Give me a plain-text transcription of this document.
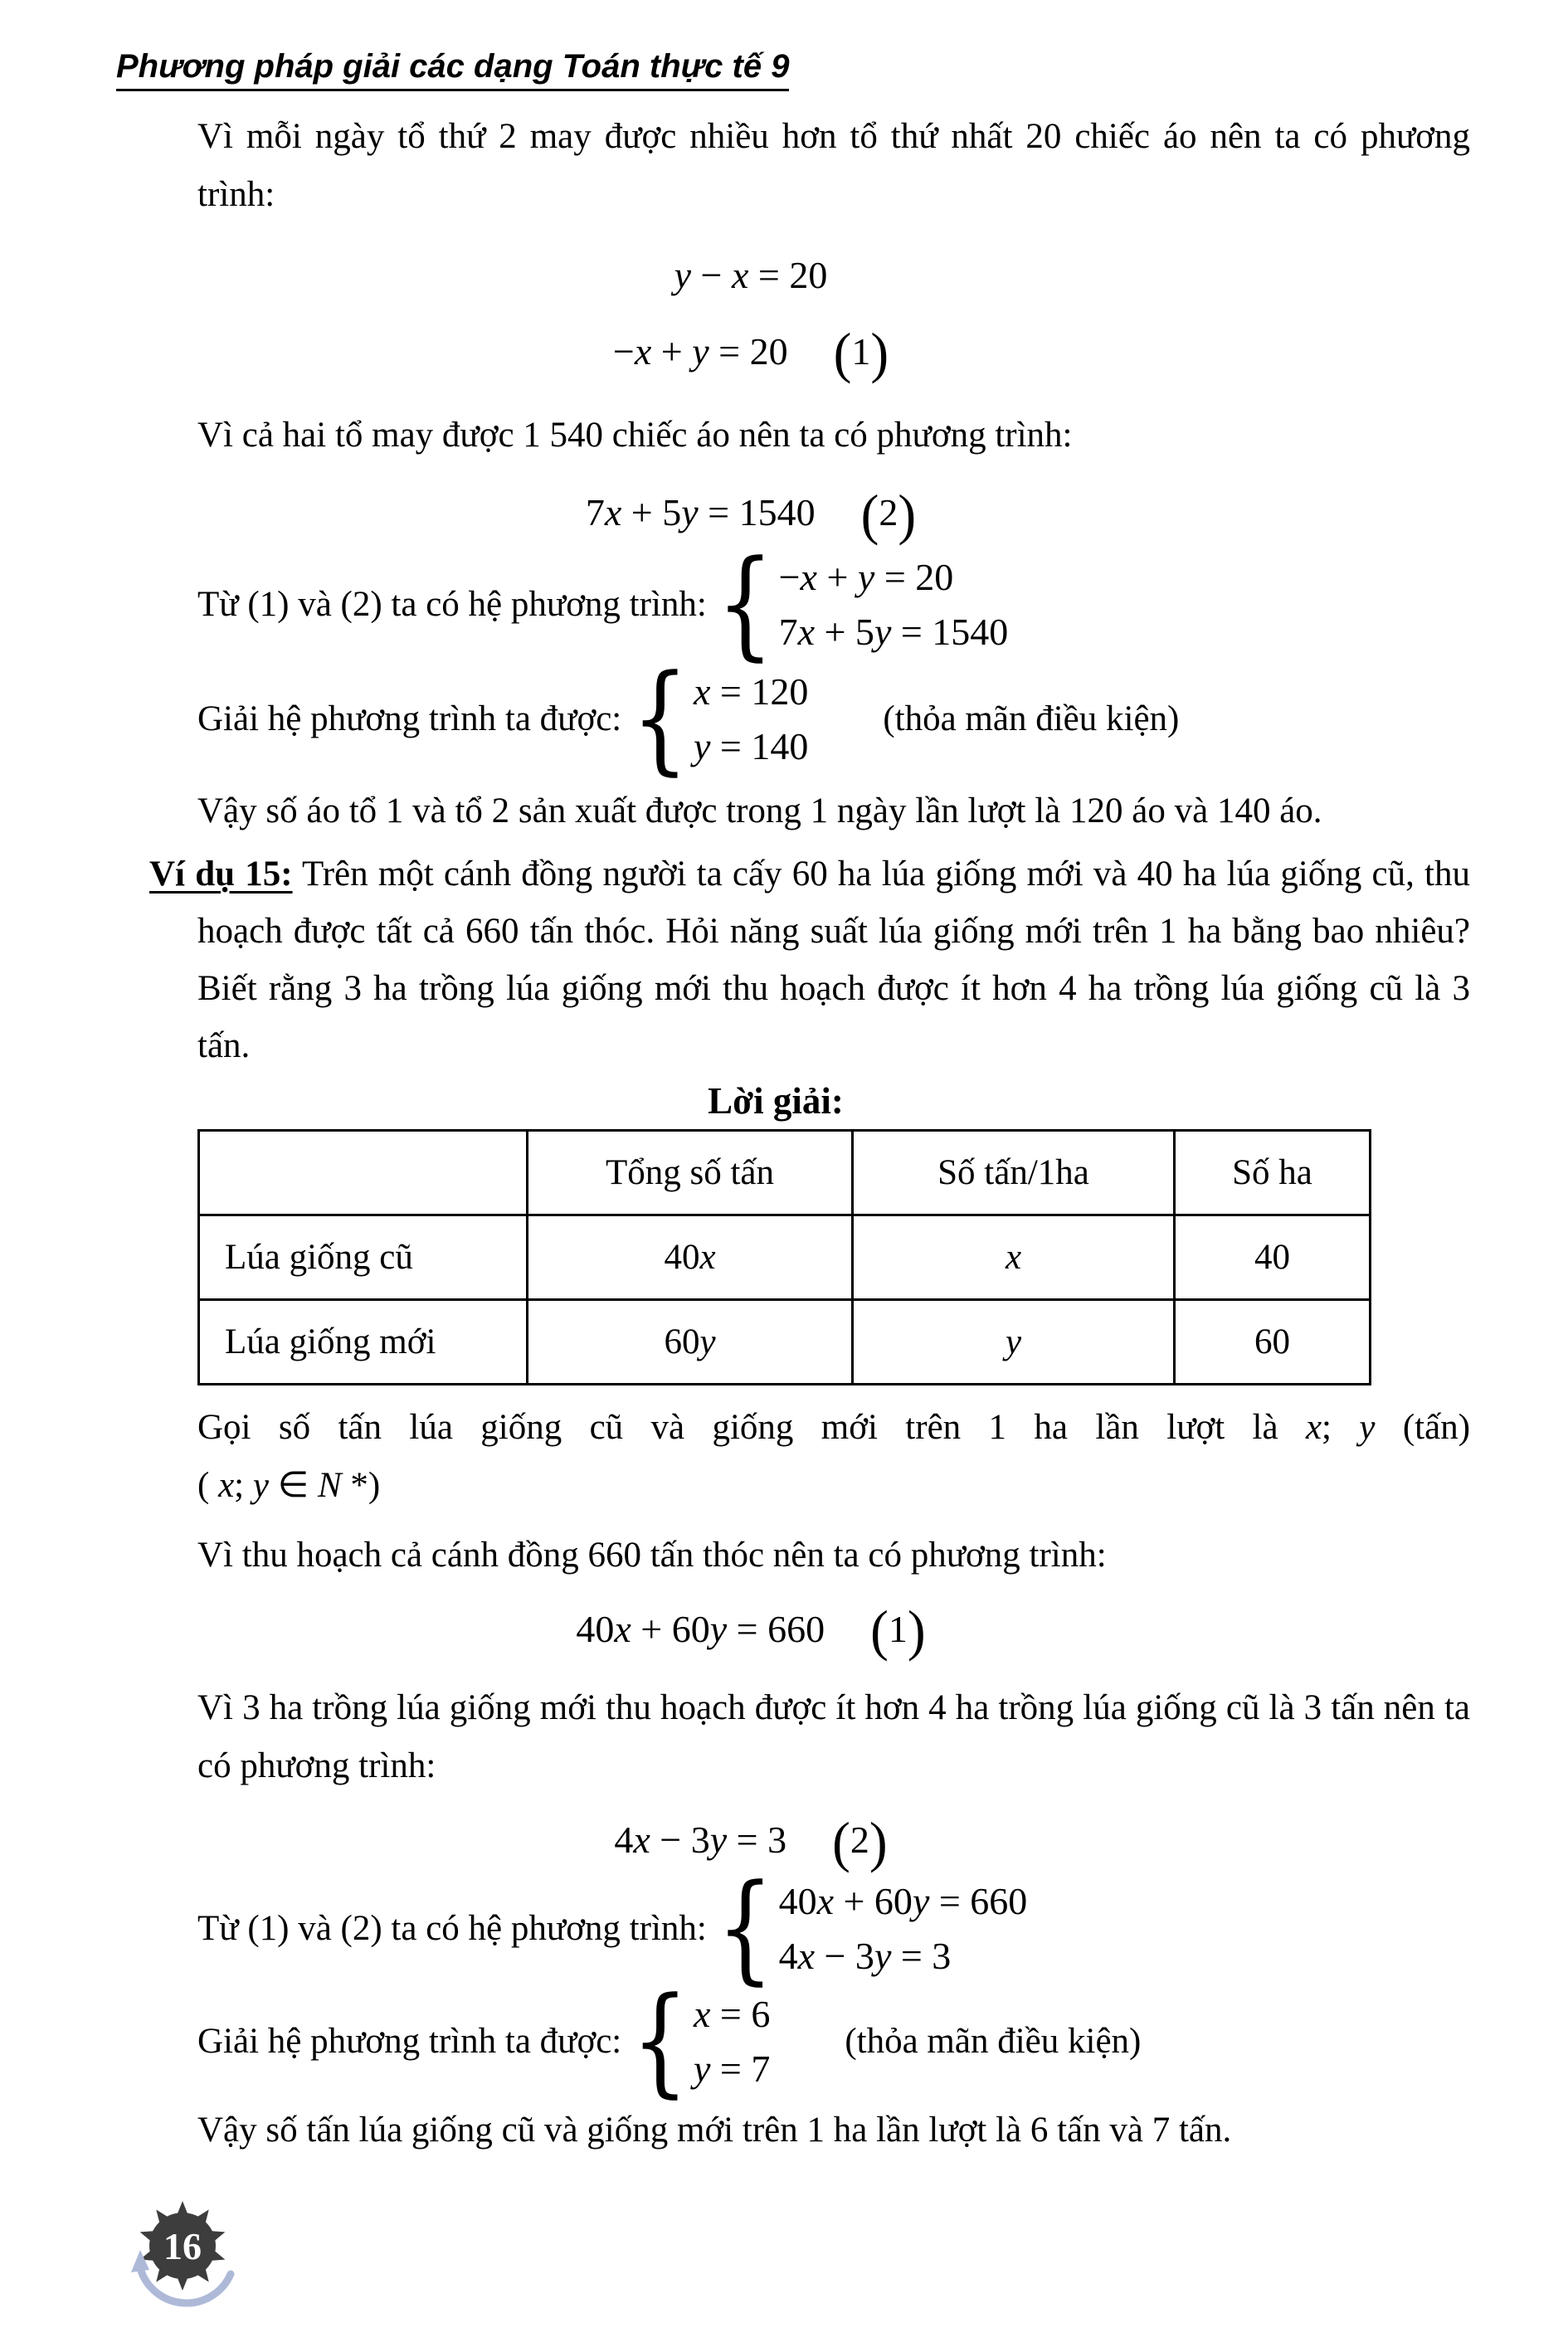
Phương pháp giải các dạng Toán thực tế 9

Vì mỗi ngày tổ thứ 2 may được nhiều hơn tổ thứ nhất 20 chiếc áo nên ta có phương trình:

y − x = 20
−x + y = 20 (1)

Vì cả hai tổ may được 1 540 chiếc áo nên ta có phương trình:

7x + 5y = 1540 (2)
Từ (1) và (2) ta có hệ phương trình: { −x + y = 20
7x + 5y = 1540
Giải hệ phương trình ta được: { x = 120
y = 140
(thỏa mãn điều kiện)

Vậy số áo tổ 1 và tổ 2 sản xuất được trong 1 ngày lần lượt là 120 áo và 140 áo.

Ví dụ 15: Trên một cánh đồng người ta cấy 60 ha lúa giống mới và 40 ha lúa giống cũ, thu hoạch được tất cả 660 tấn thóc. Hỏi năng suất lúa giống mới trên 1 ha bằng bao nhiêu? Biết rằng 3 ha trồng lúa giống mới thu hoạch được ít hơn 4 ha trồng lúa giống cũ là 3 tấn.

Lời giải:
	Tổng số tấn	Số tấn/1ha	Số ha
Lúa giống cũ	40x	x	40
Lúa giống mới	60y	y	60
Gọi số tấn lúa giống cũ và giống mới trên 1 ha lần lượt là x; y (tấn)
( x; y ∈ N *)

Vì thu hoạch cả cánh đồng 660 tấn thóc nên ta có phương trình:

40x + 60y = 660 (1)

Vì 3 ha trồng lúa giống mới thu hoạch được ít hơn 4 ha trồng lúa giống cũ là 3 tấn nên ta có phương trình:

4x − 3y = 3 (2)
Từ (1) và (2) ta có hệ phương trình: { 40x + 60y = 660
4x − 3y = 3
Giải hệ phương trình ta được: { x = 6
y = 7
(thỏa mãn điều kiện)

Vậy số tấn lúa giống cũ và giống mới trên 1 ha lần lượt là 6 tấn và 7 tấn.

16
